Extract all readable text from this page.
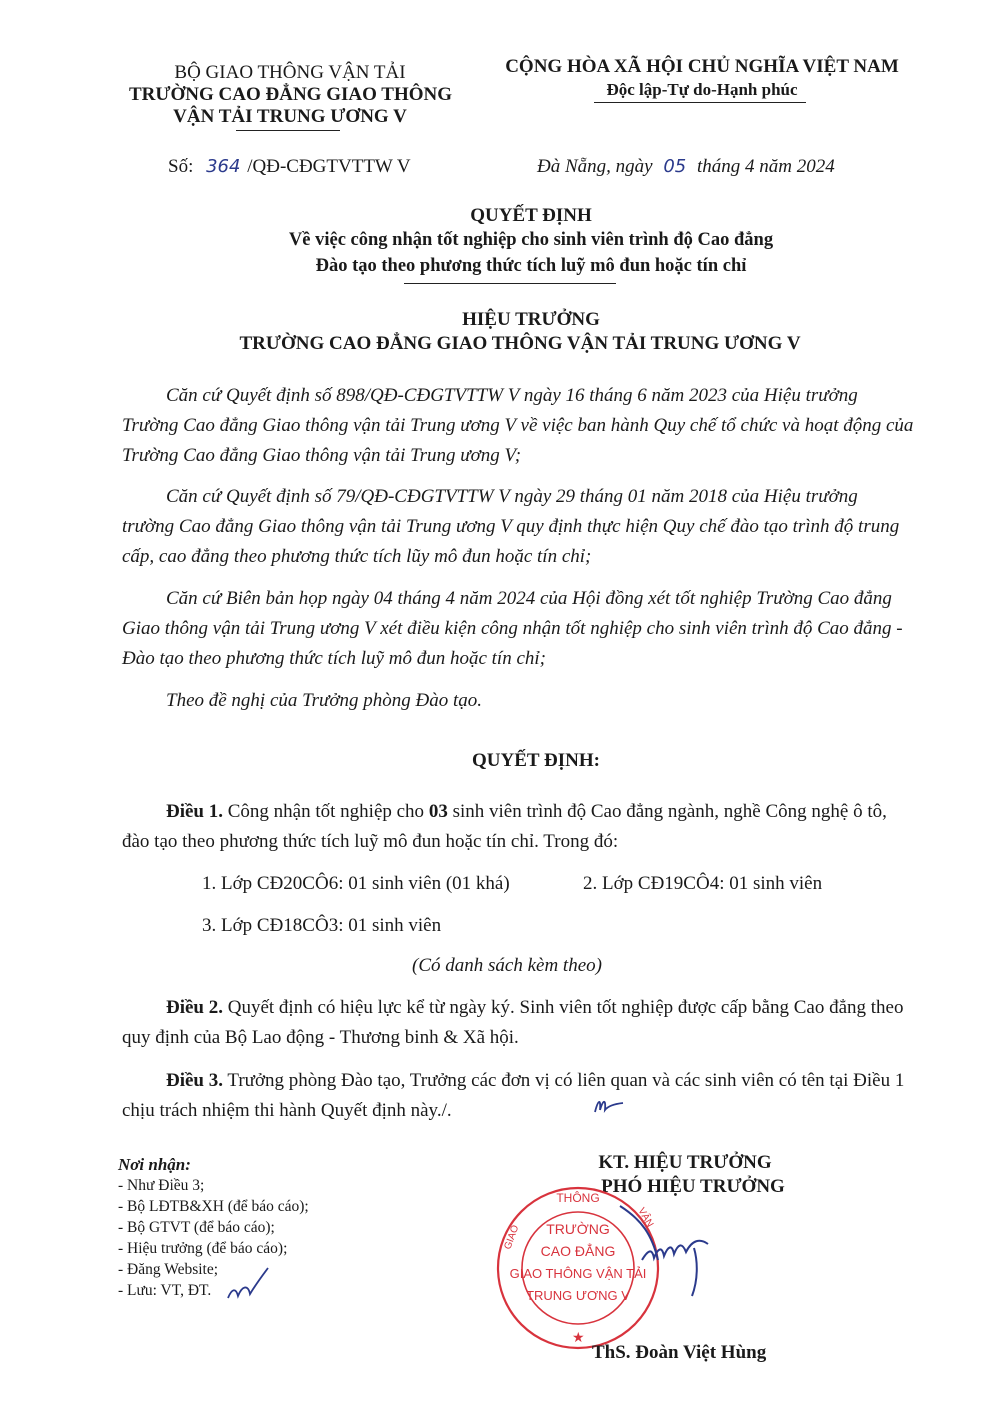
BỘ GIAO THÔNG VẬN TẢI
TRƯỜNG CAO ĐẲNG GIAO THÔNG
VẬN TẢI TRUNG ƯƠNG V
CỘNG HÒA XÃ HỘI CHỦ NGHĨA VIỆT NAM
Độc lập-Tự do-Hạnh phúc
Số: 364 /QĐ-CĐGTVTTW V	Đà Nẵng, ngày 05 tháng 4 năm 2024
QUYẾT ĐỊNH
Về việc công nhận tốt nghiệp cho sinh viên trình độ Cao đẳng
Đào tạo theo phương thức tích luỹ mô đun hoặc tín chỉ
HIỆU TRƯỞNG
TRƯỜNG CAO ĐẲNG GIAO THÔNG VẬN TẢI TRUNG ƯƠNG V
Căn cứ Quyết định số 898/QĐ-CĐGTVTTW V ngày 16 tháng 6 năm 2023 của Hiệu trưởng Trường Cao đẳng Giao thông vận tải Trung ương V về việc ban hành Quy chế tổ chức và hoạt động của Trường Cao đẳng Giao thông vận tải Trung ương V;
Căn cứ Quyết định số 79/QĐ-CĐGTVTTW V ngày 29 tháng 01 năm 2018 của Hiệu trưởng trường Cao đẳng Giao thông vận tải Trung ương V quy định thực hiện Quy chế đào tạo trình độ trung cấp, cao đẳng theo phương thức tích lũy mô đun hoặc tín chỉ;
Căn cứ Biên bản họp ngày 04 tháng 4 năm 2024 của Hội đồng xét tốt nghiệp Trường Cao đẳng Giao thông vận tải Trung ương V xét điều kiện công nhận tốt nghiệp cho sinh viên trình độ Cao đẳng - Đào tạo theo phương thức tích luỹ mô đun hoặc tín chỉ;
Theo đề nghị của Trưởng phòng Đào tạo.
QUYẾT ĐỊNH:
Điều 1. Công nhận tốt nghiệp cho 03 sinh viên trình độ Cao đẳng ngành, nghề Công nghệ ô tô, đào tạo theo phương thức tích luỹ mô đun hoặc tín chỉ. Trong đó:
1. Lớp CĐ20CÔ6: 01 sinh viên (01 khá)	2. Lớp CĐ19CÔ4: 01 sinh viên
3. Lớp CĐ18CÔ3: 01 sinh viên
(Có danh sách kèm theo)
Điều 2. Quyết định có hiệu lực kể từ ngày ký. Sinh viên tốt nghiệp được cấp bằng Cao đẳng theo quy định của Bộ Lao động - Thương binh & Xã hội.
Điều 3. Trưởng phòng Đào tạo, Trưởng các đơn vị có liên quan và các sinh viên có tên tại Điều 1 chịu trách nhiệm thi hành Quyết định này./.
Nơi nhận:
- Như Điều 3;
- Bộ LĐTB&XH (để báo cáo);
- Bộ GTVT (để báo cáo);
- Hiệu trưởng (để báo cáo);
- Đăng Website;
- Lưu: VT, ĐT.
KT. HIỆU TRƯỞNG
PHÓ HIỆU TRƯỞNG
THÔNG
GIAO
VẬN
TRƯỜNG
CAO ĐẲNG
GIAO THÔNG VẬN TẢI
TRUNG ƯƠNG V
★
ThS. Đoàn Việt Hùng
